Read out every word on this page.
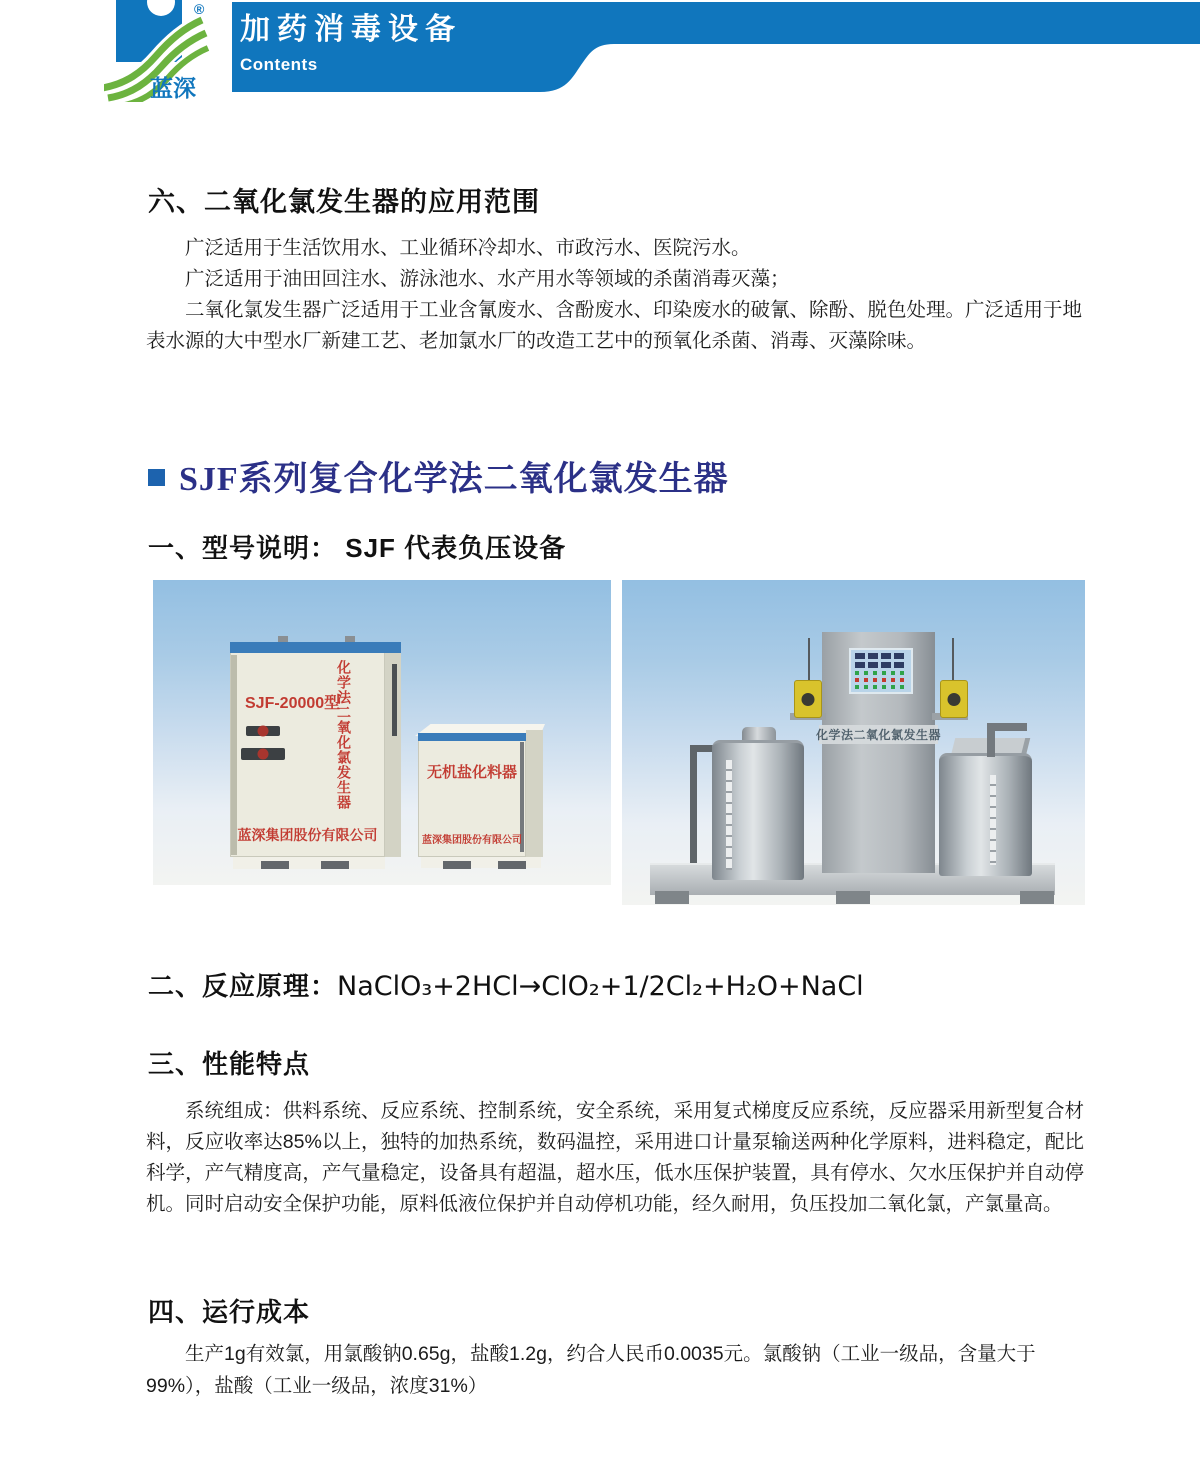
蓝深
®
加药消毒设备
Contents
六、二氧化氯发生器的应用范围

广泛适用于生活饮用水、工业循环冷却水、市政污水、医院污水。

广泛适用于油田回注水、游泳池水、水产用水等领域的杀菌消毒灭藻；

二氧化氯发生器广泛适用于工业含氰废水、含酚废水、印染废水的破氰、除酚、脱色处理。广泛适用于地表水源的大中型水厂新建工艺、老加氯水厂的改造工艺中的预氧化杀菌、消毒、灭藻除味。

SJF系列复合化学法二氧化氯发生器
一、型号说明： SJF 代表负压设备
SJF-20000型
化学法二氧化氯发生器
蓝深集团股份有限公司
无机盐化料器
蓝深集团股份有限公司
化学法二氧化氯发生器
二、反应原理：NaClO₃+2HCl→ClO₂+1/2Cl₂+H₂O+NaCl
三、性能特点

系统组成：供料系统、反应系统、控制系统，安全系统，采用复式梯度反应系统，反应器采用新型复合材料，反应收率达85%以上，独特的加热系统，数码温控，采用进口计量泵输送两种化学原料，进料稳定，配比科学，产气精度高，产气量稳定，设备具有超温，超水压，低水压保护装置，具有停水、欠水压保护并自动停机。同时启动安全保护功能，原料低液位保护并自动停机功能，经久耐用，负压投加二氧化氯，产氯量高。

四、运行成本

生产1g有效氯，用氯酸钠0.65g，盐酸1.2g，约合人民币0.0035元。氯酸钠（工业一级品，含量大于99%），盐酸（工业一级品，浓度31%）
